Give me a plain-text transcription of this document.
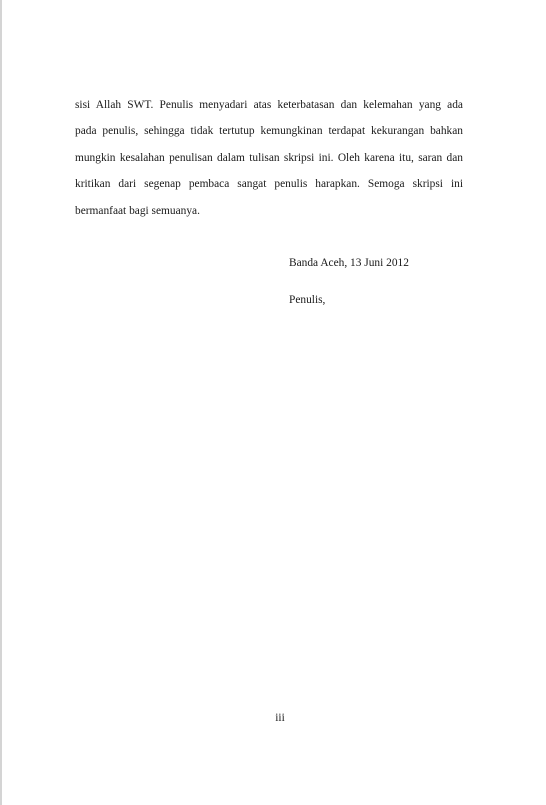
sisi Allah SWT. Penulis menyadari atas keterbatasan dan kelemahan yang ada
pada penulis, sehingga tidak tertutup kemungkinan terdapat kekurangan bahkan
mungkin kesalahan penulisan dalam tulisan skripsi ini. Oleh karena itu, saran dan
kritikan dari segenap pembaca sangat penulis harapkan. Semoga skripsi ini
bermanfaat bagi semuanya.
Banda Aceh, 13 Juni 2012
Penulis,
iii
